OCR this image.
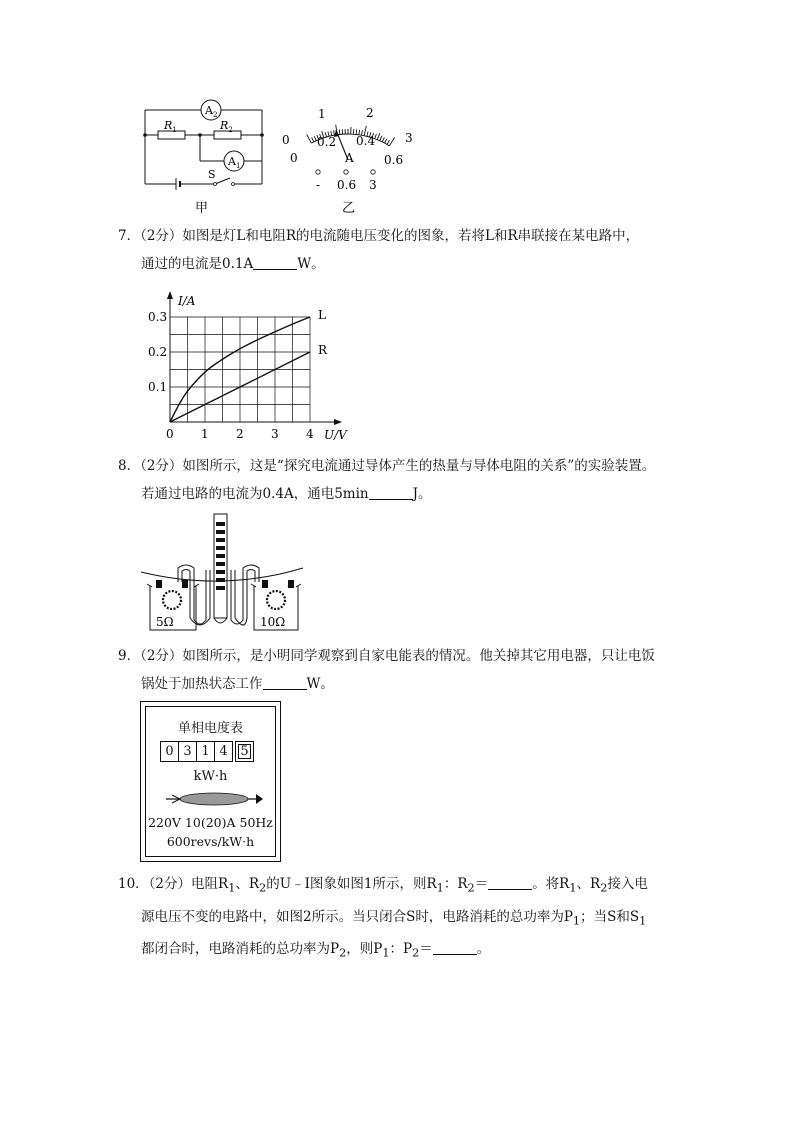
$A_2$
$A_1$
$R_1$	$R_2$
S
甲
0
1	2
3
0
0.2 0.4
0.6
A
- 0.6 3
乙

7．（2分）如图是灯L和电阻R的电流随电压变化的图象，若将L和R串联接在某电路中，

通过的电流是0.1A	W。

0 1 2 3 4
0.1
0.2
0.3
U/V
I/A
L
R

8．（2分）如图所示，这是“探究电流通过导体产生的热量与导体电阻的关系”的实验装置。

若通过电路的电流为0.4A，通电5min	J。

5Ω	10Ω

9．（2分）如图所示，是小明同学观察到自家电能表的情况。他关掉其它用电器，只让电饭

锅处于加热状态工作	W。

单相电度表
0 3 1 4 5
kW·h
220V 10(20)A 50Hz
600revs/kW·h

10．（2分）电阻$R_1$、$R_2$的U﹣I图象如图1所示，则$R_1$：$R_2=$	。将$R_1$、$R_2$接入电

源电压不变的电路中，如图2所示。当只闭合S时，电路消耗的总功率为$P_1$；当S和$S_1$

都闭合时，电路消耗的总功率为$P_2$，则$P_1$：$P_2=$	。
